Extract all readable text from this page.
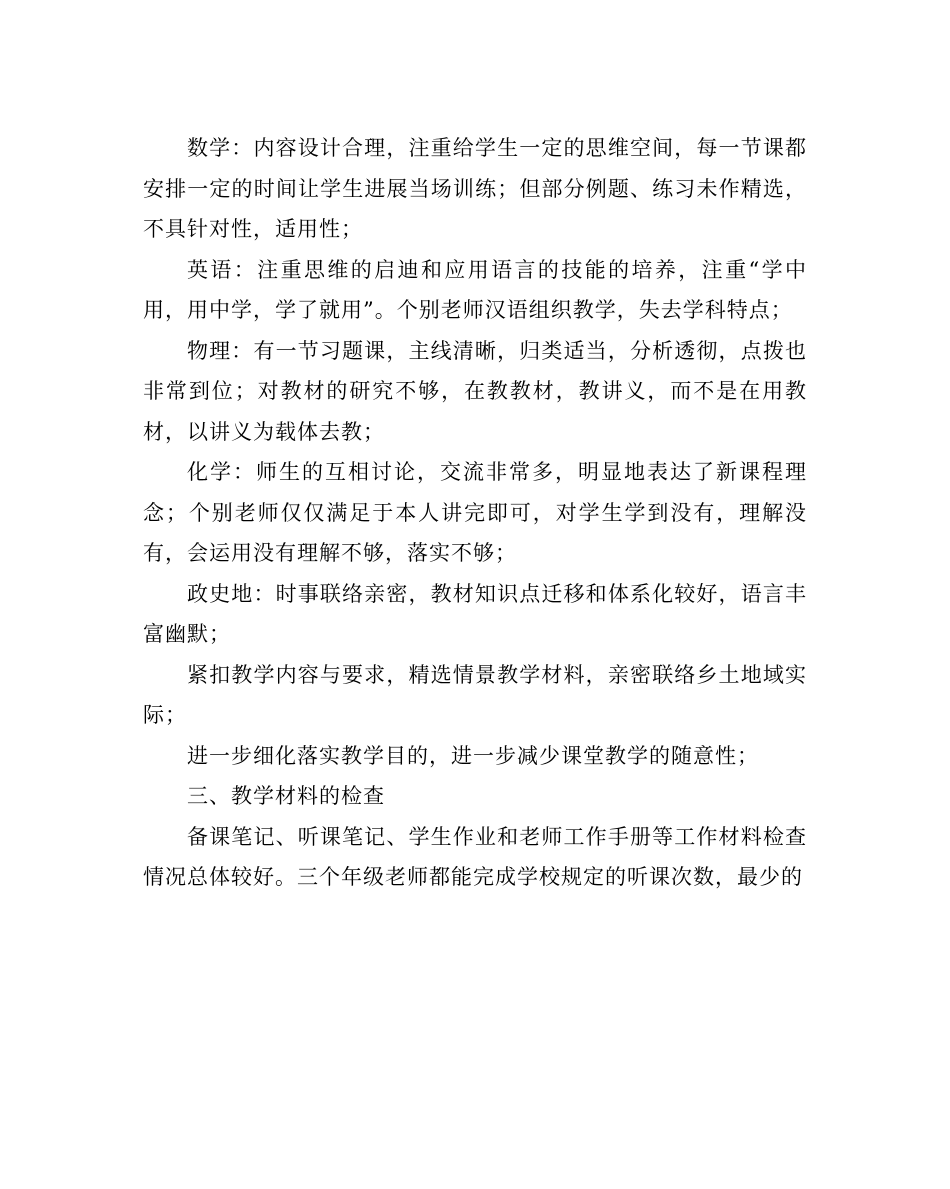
数学：内容设计合理，注重给学生一定的思维空间，每一节课都安排一定的时间让学生进展当场训练；但部分例题、练习未作精选，不具针对性，适用性；

英语：注重思维的启迪和应用语言的技能的培养，注重“学中用，用中学，学了就用”。个别老师汉语组织教学，失去学科特点；

物理：有一节习题课，主线清晰，归类适当，分析透彻，点拨也非常到位；对教材的研究不够，在教教材，教讲义，而不是在用教材，以讲义为载体去教；

化学：师生的互相讨论，交流非常多，明显地表达了新课程理念；个别老师仅仅满足于本人讲完即可，对学生学到没有，理解没有，会运用没有理解不够，落实不够；

政史地：时事联络亲密，教材知识点迁移和体系化较好，语言丰富幽默；

紧扣教学内容与要求，精选情景教学材料，亲密联络乡土地域实际；

进一步细化落实教学目的，进一步减少课堂教学的随意性；

三、教学材料的检查

备课笔记、听课笔记、学生作业和老师工作手册等工作材料检查情况总体较好。三个年级老师都能完成学校规定的听课次数，最少的
